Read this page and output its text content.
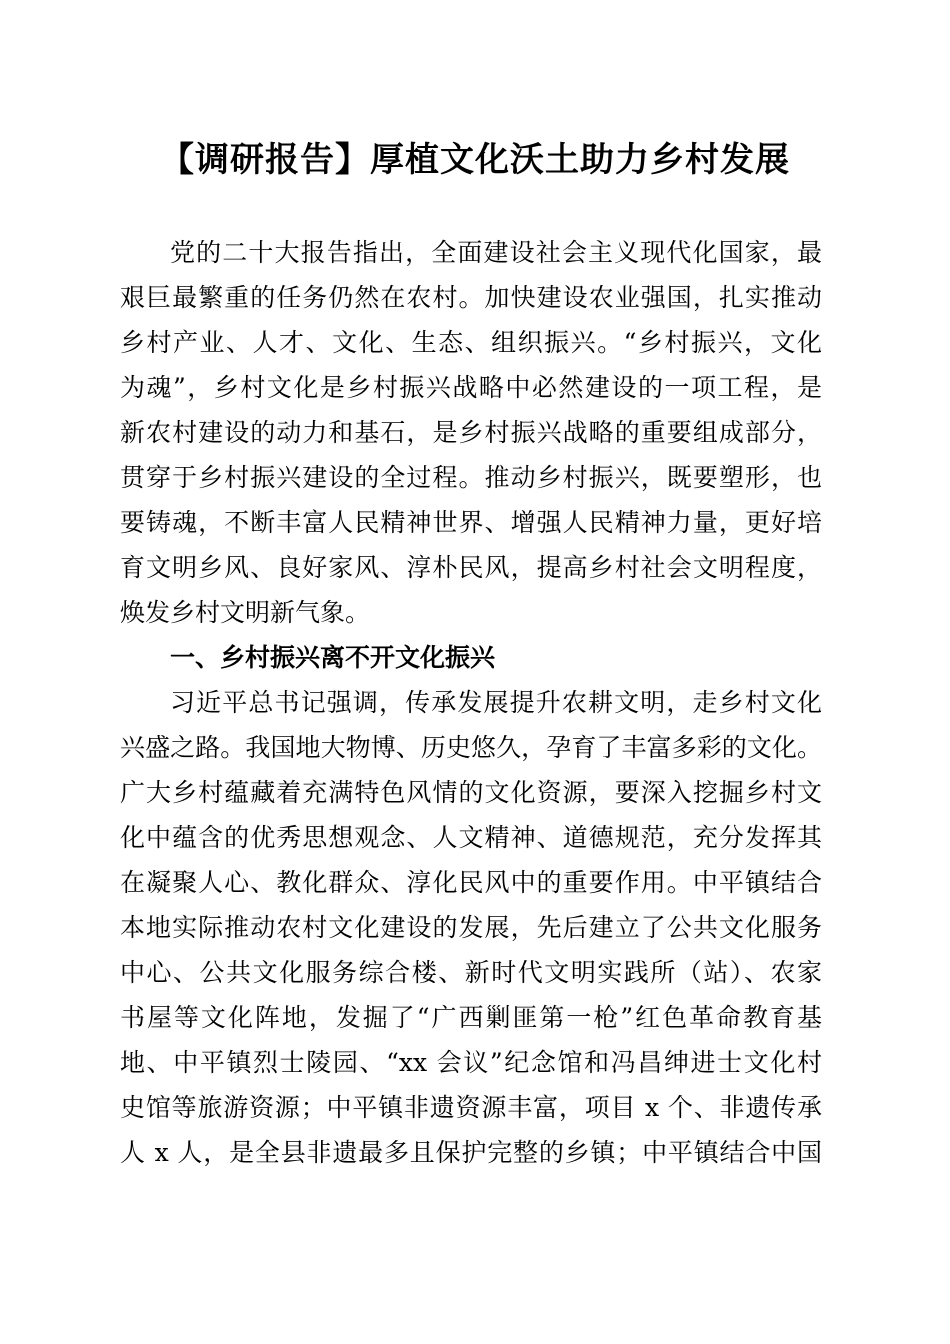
【调研报告】厚植文化沃土助力乡村发展
党的二十大报告指出，全面建设社会主义现代化国家，最
艰巨最繁重的任务仍然在农村。加快建设农业强国，扎实推动
乡村产业、人才、文化、生态、组织振兴。“乡村振兴，文化
为魂”，乡村文化是乡村振兴战略中必然建设的一项工程，是
新农村建设的动力和基石，是乡村振兴战略的重要组成部分，
贯穿于乡村振兴建设的全过程。推动乡村振兴，既要塑形，也
要铸魂，不断丰富人民精神世界、增强人民精神力量，更好培
育文明乡风、良好家风、淳朴民风，提高乡村社会文明程度，
焕发乡村文明新气象。
一、乡村振兴离不开文化振兴
习近平总书记强调，传承发展提升农耕文明，走乡村文化
兴盛之路。我国地大物博、历史悠久，孕育了丰富多彩的文化。
广大乡村蕴藏着充满特色风情的文化资源，要深入挖掘乡村文
化中蕴含的优秀思想观念、人文精神、道德规范，充分发挥其
在凝聚人心、教化群众、淳化民风中的重要作用。中平镇结合
本地实际推动农村文化建设的发展，先后建立了公共文化服务
中心、公共文化服务综合楼、新时代文明实践所（站）、农家
书屋等文化阵地，发掘了“广西剿匪第一枪”红色革命教育基
地、中平镇烈士陵园、“xx 会议”纪念馆和冯昌绅进士文化村
史馆等旅游资源；中平镇非遗资源丰富，项目 x 个、非遗传承
人 x 人，是全县非遗最多且保护完整的乡镇；中平镇结合中国
